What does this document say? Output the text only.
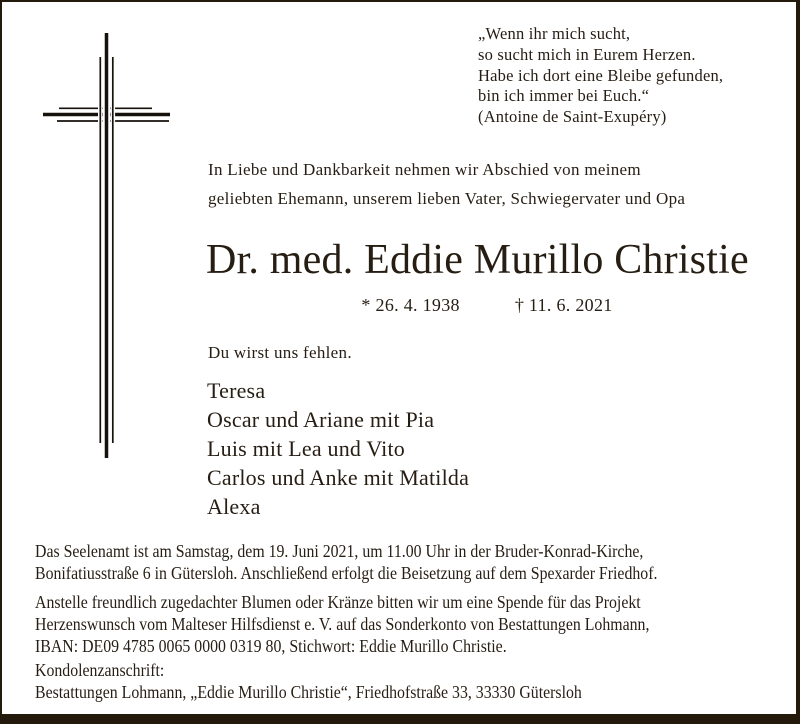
„Wenn ihr mich sucht,
so sucht mich in Eurem Herzen.
Habe ich dort eine Bleibe gefunden,
bin ich immer bei Euch.“
(Antoine de Saint-Exupéry)
In Liebe und Dankbarkeit nehmen wir Abschied von meinem
geliebten Ehemann, unserem lieben Vater, Schwiegervater und Opa
Dr. med. Eddie Murillo Christie
* 26. 4. 1938	† 11. 6. 2021
Du wirst uns fehlen.
Teresa
Oscar und Ariane mit Pia
Luis mit Lea und Vito
Carlos und Anke mit Matilda
Alexa
Das Seelenamt ist am Samstag, dem 19. Juni 2021, um 11.00 Uhr in der Bruder-Konrad-Kirche,
Bonifatiusstraße 6 in Gütersloh. Anschließend erfolgt die Beisetzung auf dem Spexarder Friedhof.
Anstelle freundlich zugedachter Blumen oder Kränze bitten wir um eine Spende für das Projekt
Herzenswunsch vom Malteser Hilfsdienst e. V. auf das Sonderkonto von Bestattungen Lohmann,
IBAN: DE09 4785 0065 0000 0319 80, Stichwort: Eddie Murillo Christie.
Kondolenzanschrift:
Bestattungen Lohmann, „Eddie Murillo Christie“, Friedhofstraße 33, 33330 Gütersloh
